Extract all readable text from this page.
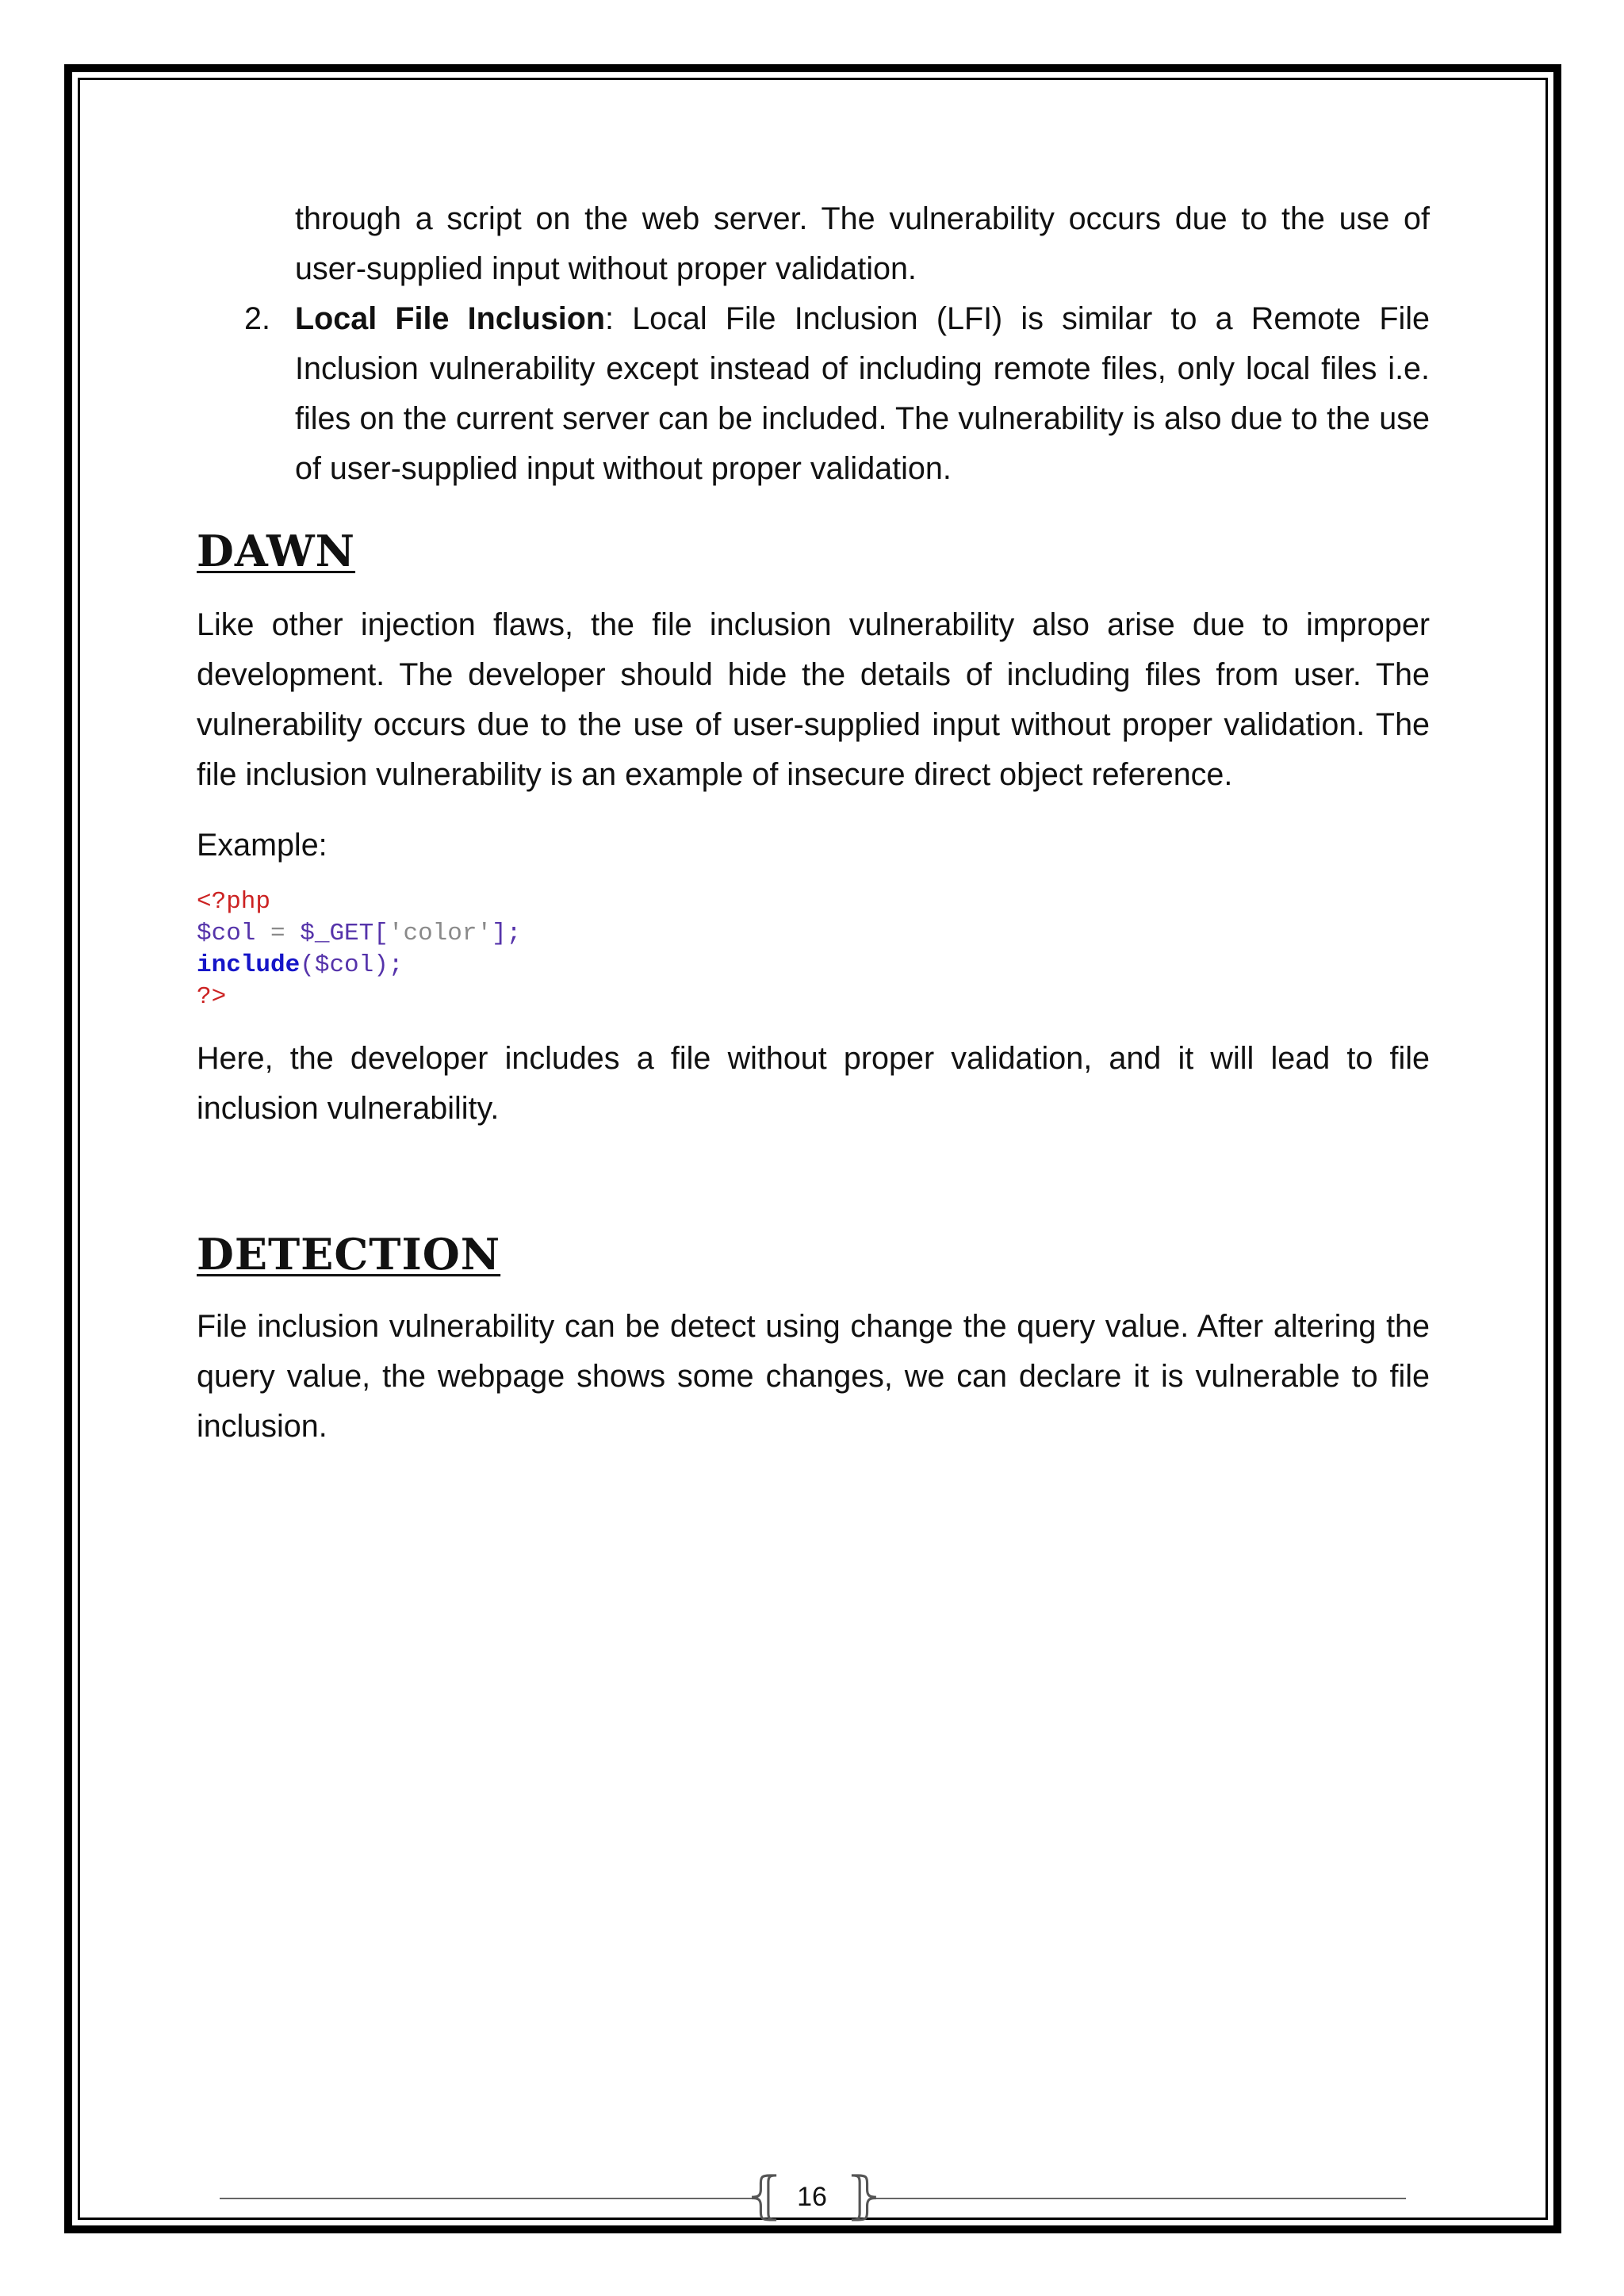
through a script on the web server. The vulnerability occurs due to the use of user-supplied input without proper validation.

2. Local File Inclusion: Local File Inclusion (LFI) is similar to a Remote File Inclusion vulnerability except instead of including remote files, only local files i.e. files on the current server can be included. The vulnerability is also due to the use of user-supplied input without proper validation.

DAWN

Like other injection flaws, the file inclusion vulnerability also arise due to improper development. The developer should hide the details of including files from user. The vulnerability occurs due to the use of user-supplied input without proper validation. The file inclusion vulnerability is an example of insecure direct object reference.

Example:

<?php
$col = $_GET['color'];
include($col);
?>

Here, the developer includes a file without proper validation, and it will lead to file inclusion vulnerability.

DETECTION

File inclusion vulnerability can be detect using change the query value. After altering the query value, the webpage shows some changes, we can declare it is vulnerable to file inclusion.

⦃ ⦄
16
